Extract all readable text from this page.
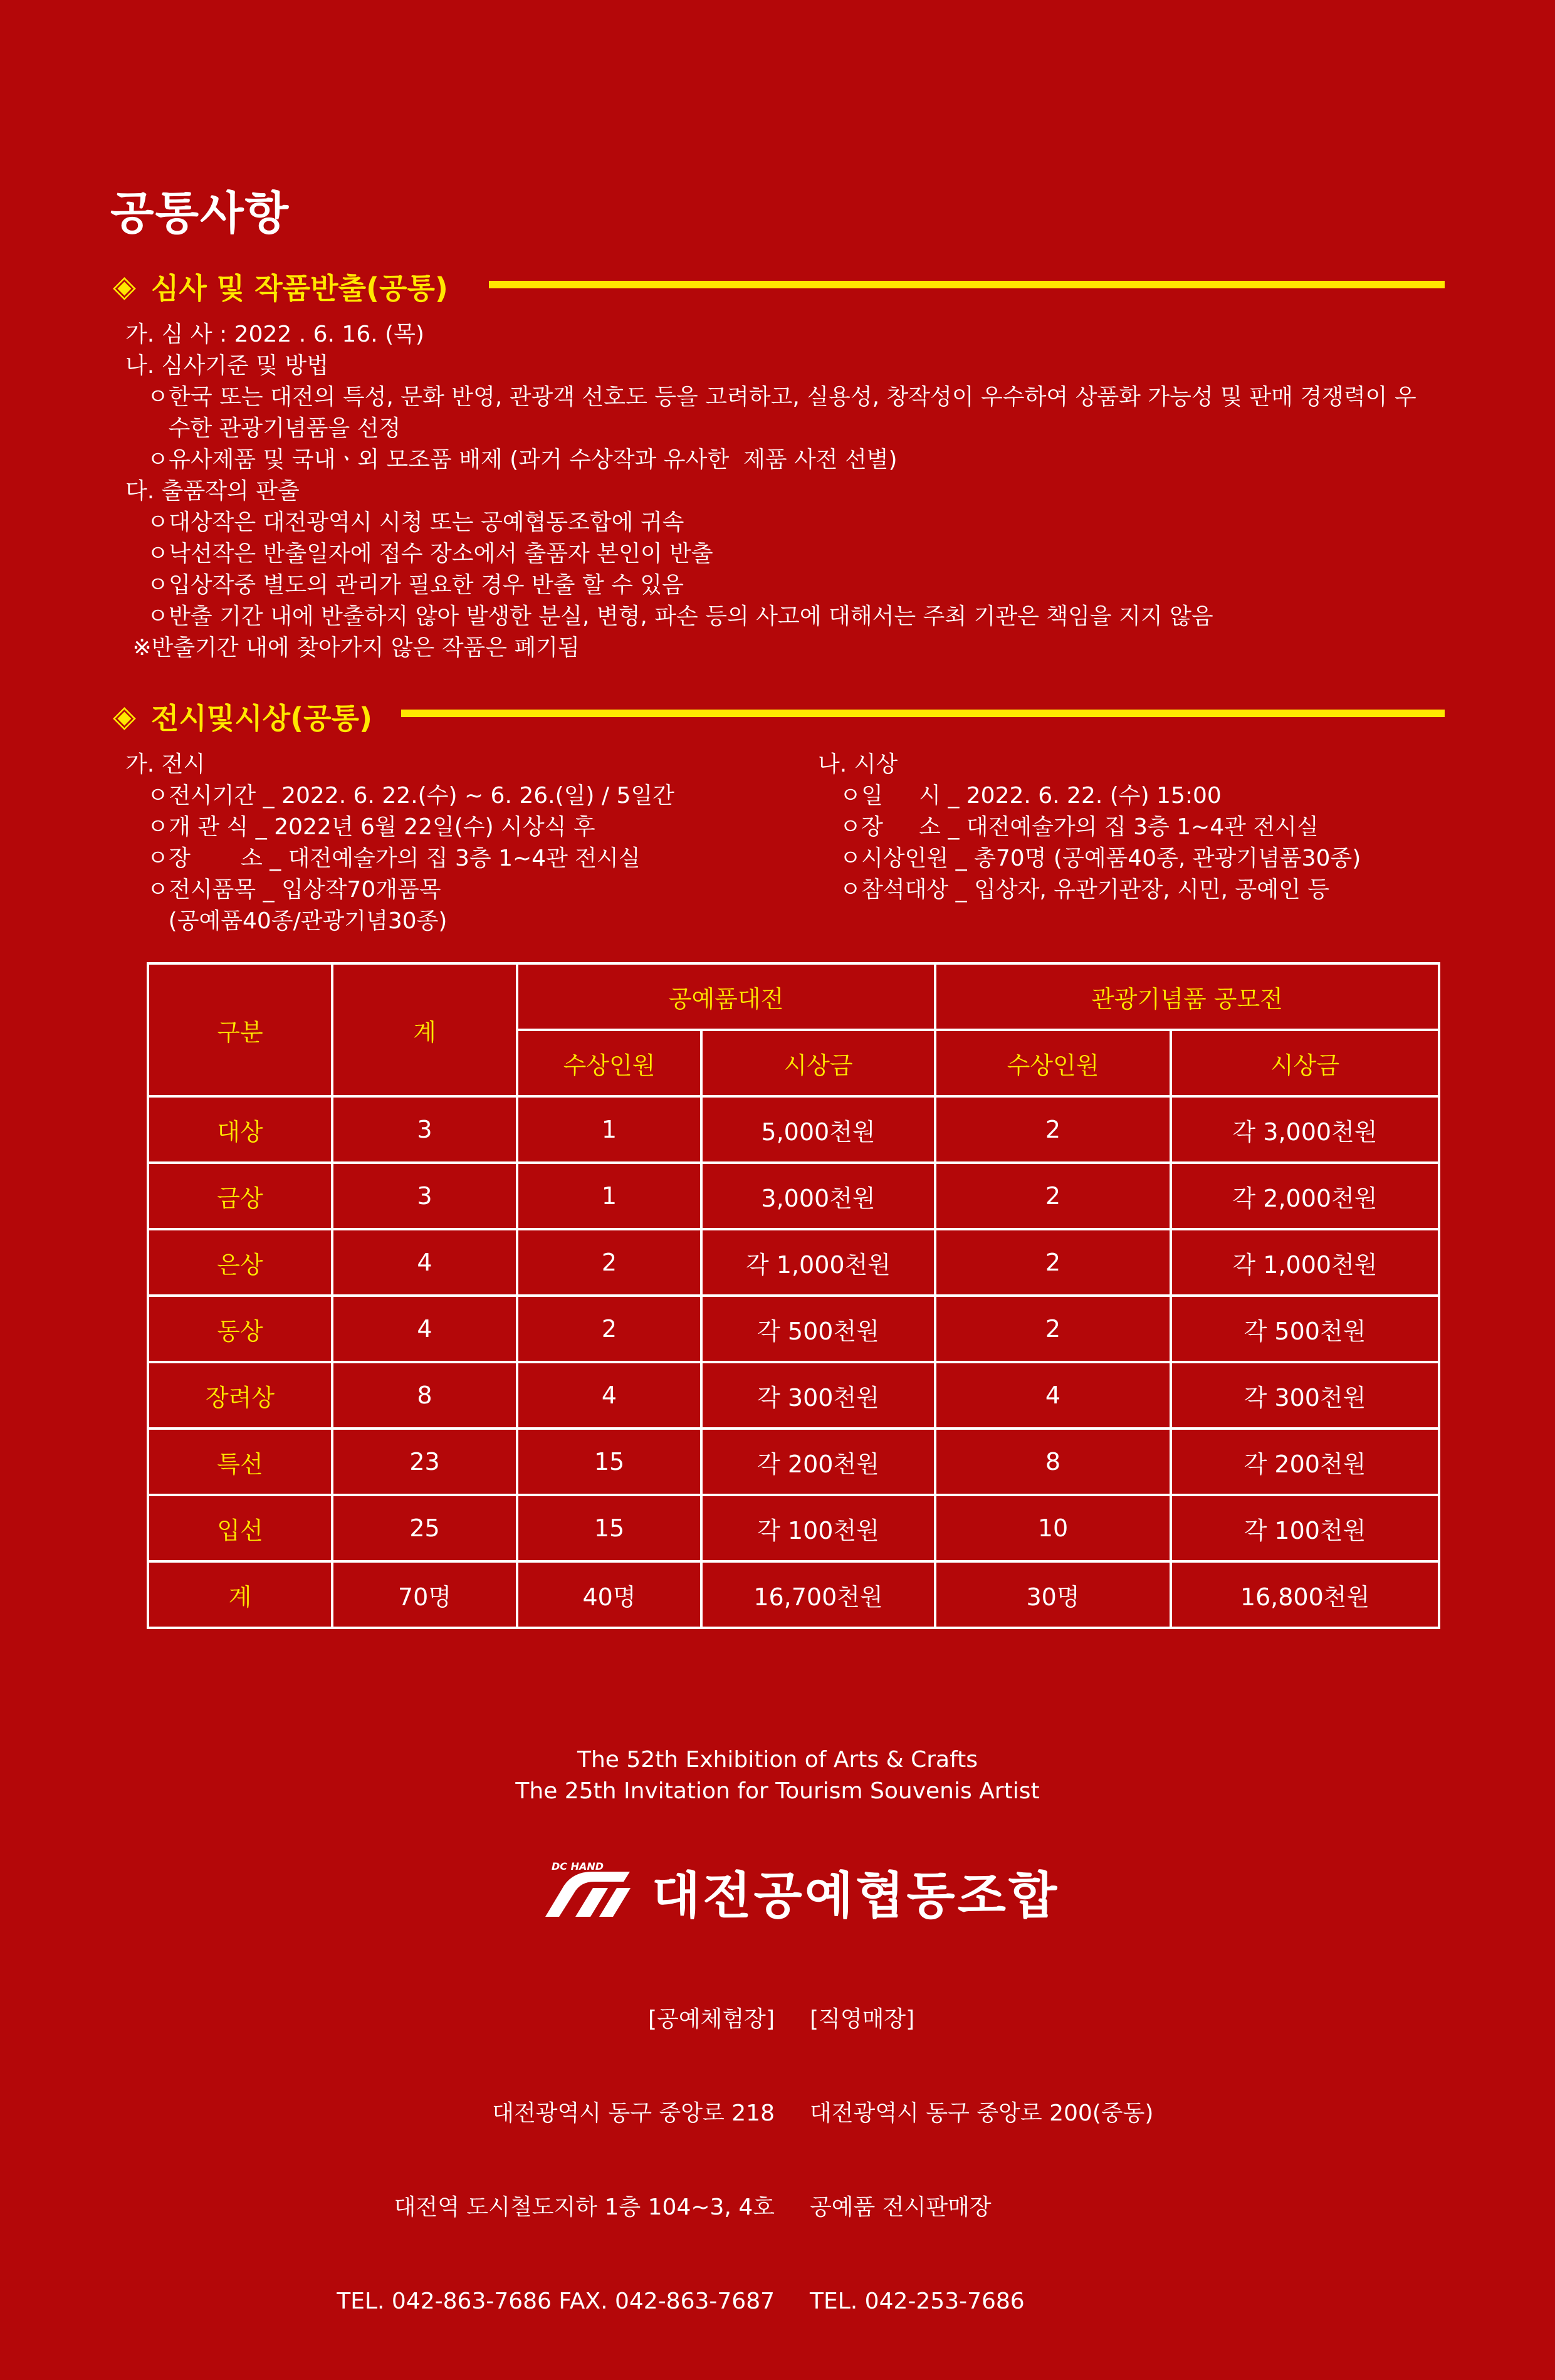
공통사항
◈ 심사 및 작품반출(공통)
가. 심 사 : 2022 . 6. 16. (목)
나. 심사기준 및 방법
ㅇ한국 또는 대전의 특성, 문화 반영, 관광객 선호도 등을 고려하고, 실용성, 창작성이 우수하여 상품화 가능성 및 판매 경쟁력이 우
수한 관광기념품을 선정
ㅇ유사제품 및 국내ㆍ외 모조품 배제 (과거 수상작과 유사한  제품 사전 선별)
다. 출품작의 판출
ㅇ대상작은 대전광역시 시청 또는 공예협동조합에 귀속
ㅇ낙선작은 반출일자에 접수 장소에서 출품자 본인이 반출
ㅇ입상작중 별도의 관리가 필요한 경우 반출 할 수 있음
ㅇ반출 기간 내에 반출하지 않아 발생한 분실, 변형, 파손 등의 사고에 대해서는 주최 기관은 책임을 지지 않음
※반출기간 내에 찾아가지 않은 작품은 폐기됨
◈ 전시및시상(공통)
가. 전시
ㅇ전시기간 _ 2022. 6. 22.(수) ~ 6. 26.(일) / 5일간
ㅇ개 관 식 _ 2022년 6월 22일(수) 시상식 후
ㅇ장       소 _ 대전예술가의 집 3층 1~4관 전시실
ㅇ전시품목 _ 입상작70개품목
(공예품40종/관광기념30종)
나. 시상
ㅇ일     시 _ 2022. 6. 22. (수) 15:00
ㅇ장     소 _ 대전예술가의 집 3층 1~4관 전시실
ㅇ시상인원 _ 총70명 (공예품40종, 관광기념품30종)
ㅇ참석대상 _ 입상자, 유관기관장, 시민, 공예인 등
구분	계	공예품대전		관광기념품 공모전	
		수상인원	시상금	수상인원	시상금
대상	3	1	5,000천원	2	각 3,000천원
금상	3	1	3,000천원	2	각 2,000천원
은상	4	2	각 1,000천원	2	각 1,000천원
동상	4	2	각 500천원	2	각 500천원
장려상	8	4	각 300천원	4	각 300천원
특선	23	15	각 200천원	8	각 200천원
입선	25	15	각 100천원	10	각 100천원
계	70명	40명	16,700천원	30명	16,800천원
The 52th Exhibition of Arts & Crafts
The 25th Invitation for Tourism Souvenis Artist
DC HAND 대전공예협동조합

[공예체험장]

대전광역시 동구 중앙로 218

대전역 도시철도지하 1층 104~3, 4호

TEL. 042-863-7686 FAX. 042-863-7687

[직영매장]

대전광역시 동구 중앙로 200(중동)

공예품 전시판매장

TEL. 042-253-7686
